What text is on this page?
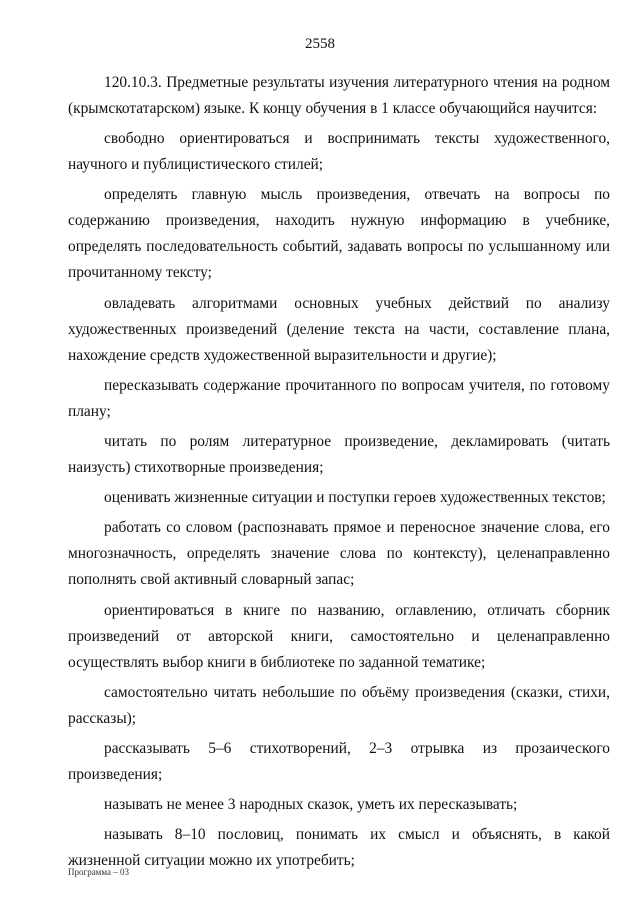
2558

120.10.3. Предметные результаты изучения литературного чтения на родном (крымскотатарском) языке. К концу обучения в 1 классе обучающийся научится:

свободно ориентироваться и воспринимать тексты художественного, научного и публицистического стилей;

определять главную мысль произведения, отвечать на вопросы по содержанию произведения, находить нужную информацию в учебнике, определять последовательность событий, задавать вопросы по услышанному или прочитанному тексту;

овладевать алгоритмами основных учебных действий по анализу художественных произведений (деление текста на части, составление плана, нахождение средств художественной выразительности и другие);

пересказывать содержание прочитанного по вопросам учителя, по готовому плану;

читать по ролям литературное произведение, декламировать (читать наизусть) стихотворные произведения;

оценивать жизненные ситуации и поступки героев художественных текстов;

работать со словом (распознавать прямое и переносное значение слова, его многозначность, определять значение слова по контексту), целенаправленно пополнять свой активный словарный запас;

ориентироваться в книге по названию, оглавлению, отличать сборник произведений от авторской книги, самостоятельно и целенаправленно осуществлять выбор книги в библиотеке по заданной тематике;

самостоятельно читать небольшие по объёму произведения (сказки, стихи, рассказы);

рассказывать 5–6 стихотворений, 2–3 отрывка из прозаического произведения;

называть не менее 3 народных сказок, уметь их пересказывать;

называть 8–10 пословиц, понимать их смысл и объяснять, в какой жизненной ситуации можно их употребить;

Программа – 03
